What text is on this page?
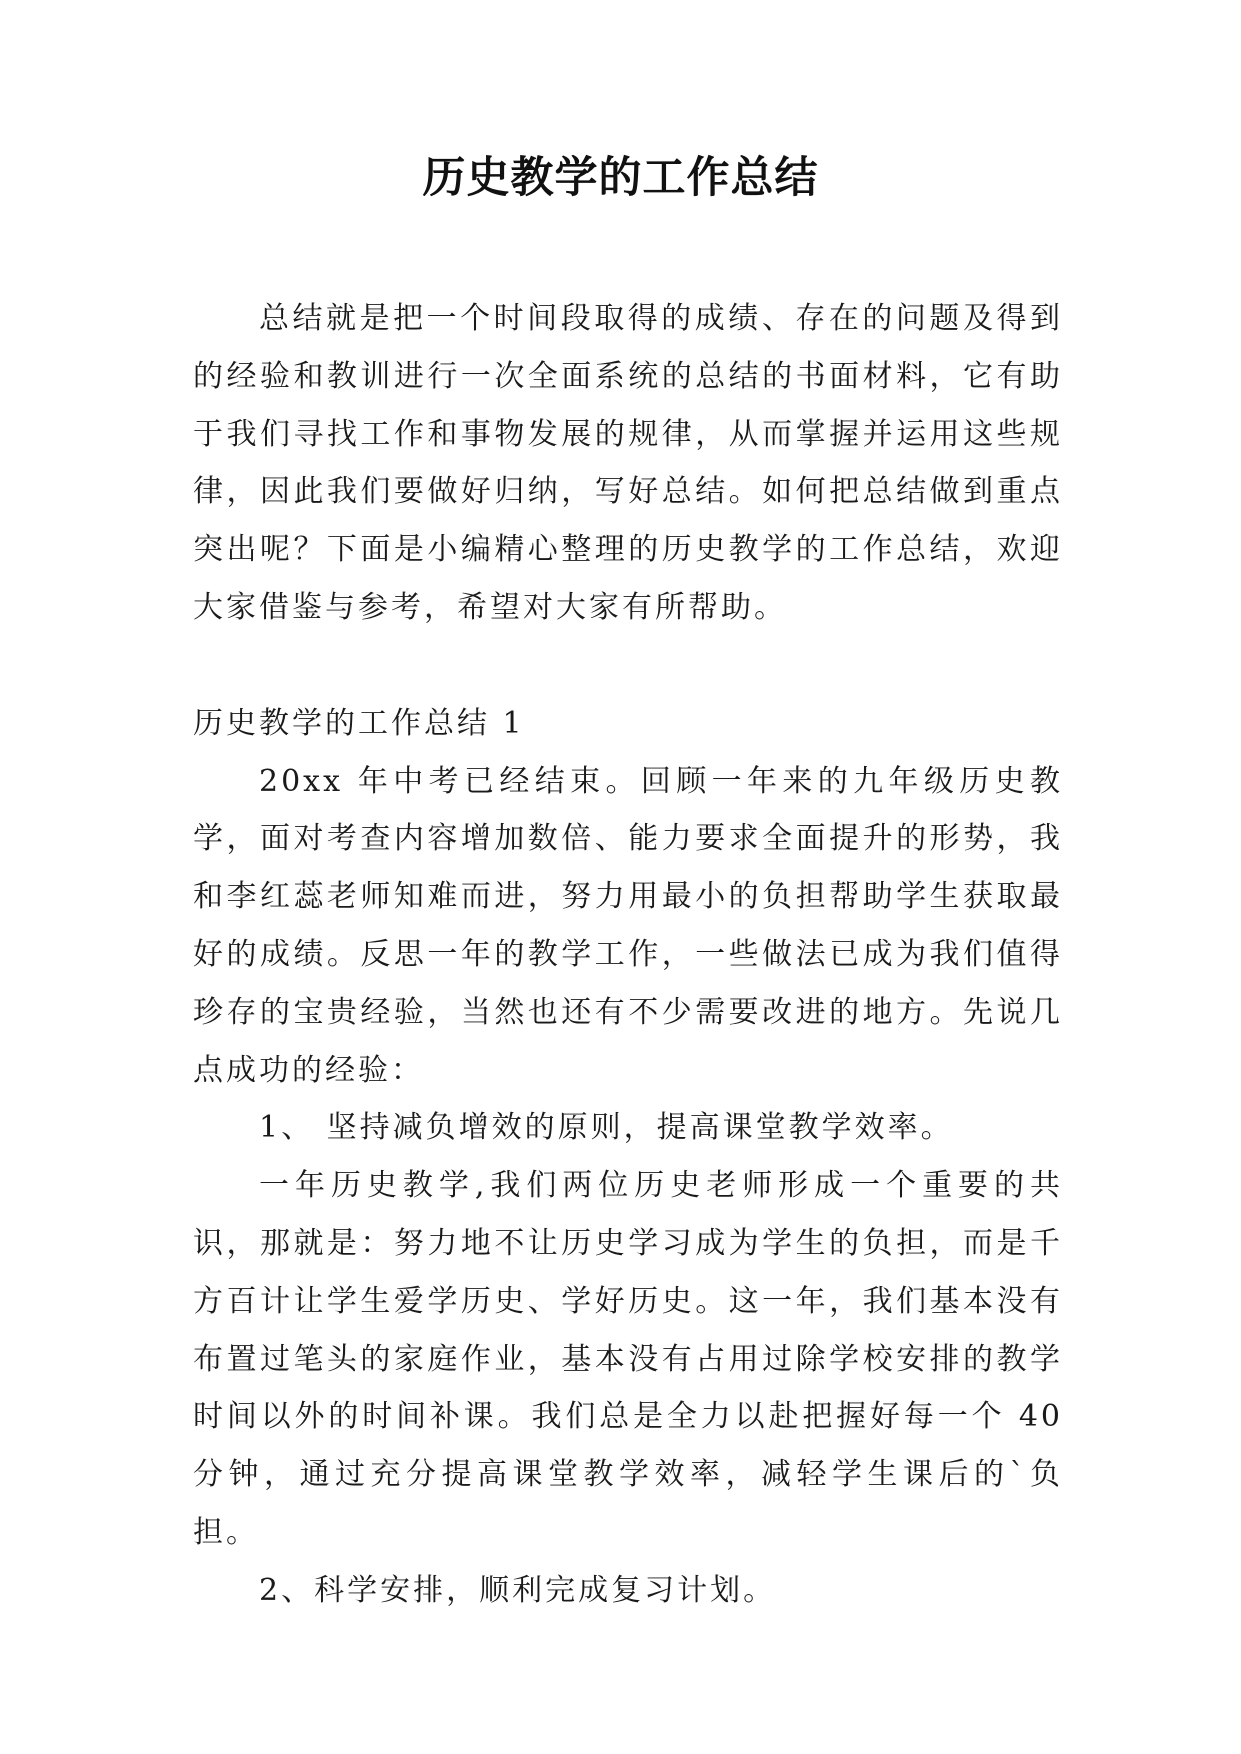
历史教学的工作总结

总结就是把一个时间段取得的成绩、存在的问题及得到的经验和教训进行一次全面系统的总结的书面材料，它有助于我们寻找工作和事物发展的规律，从而掌握并运用这些规律，因此我们要做好归纳，写好总结。如何把总结做到重点突出呢？下面是小编精心整理的历史教学的工作总结，欢迎大家借鉴与参考，希望对大家有所帮助。

历史教学的工作总结 1

20xx 年中考已经结束。回顾一年来的九年级历史教学，面对考查内容增加数倍、能力要求全面提升的形势，我和李红蕊老师知难而进，努力用最小的负担帮助学生获取最好的成绩。反思一年的教学工作，一些做法已成为我们值得珍存的宝贵经验，当然也还有不少需要改进的地方。先说几点成功的经验：

1、 坚持减负增效的原则，提高课堂教学效率。

一年历史教学,我们两位历史老师形成一个重要的共识，那就是：努力地不让历史学习成为学生的负担，而是千方百计让学生爱学历史、学好历史。这一年，我们基本没有布置过笔头的家庭作业，基本没有占用过除学校安排的教学时间以外的时间补课。我们总是全力以赴把握好每一个 40 分钟，通过充分提高课堂教学效率，减轻学生课后的`负担。

2、科学安排，顺利完成复习计划。
